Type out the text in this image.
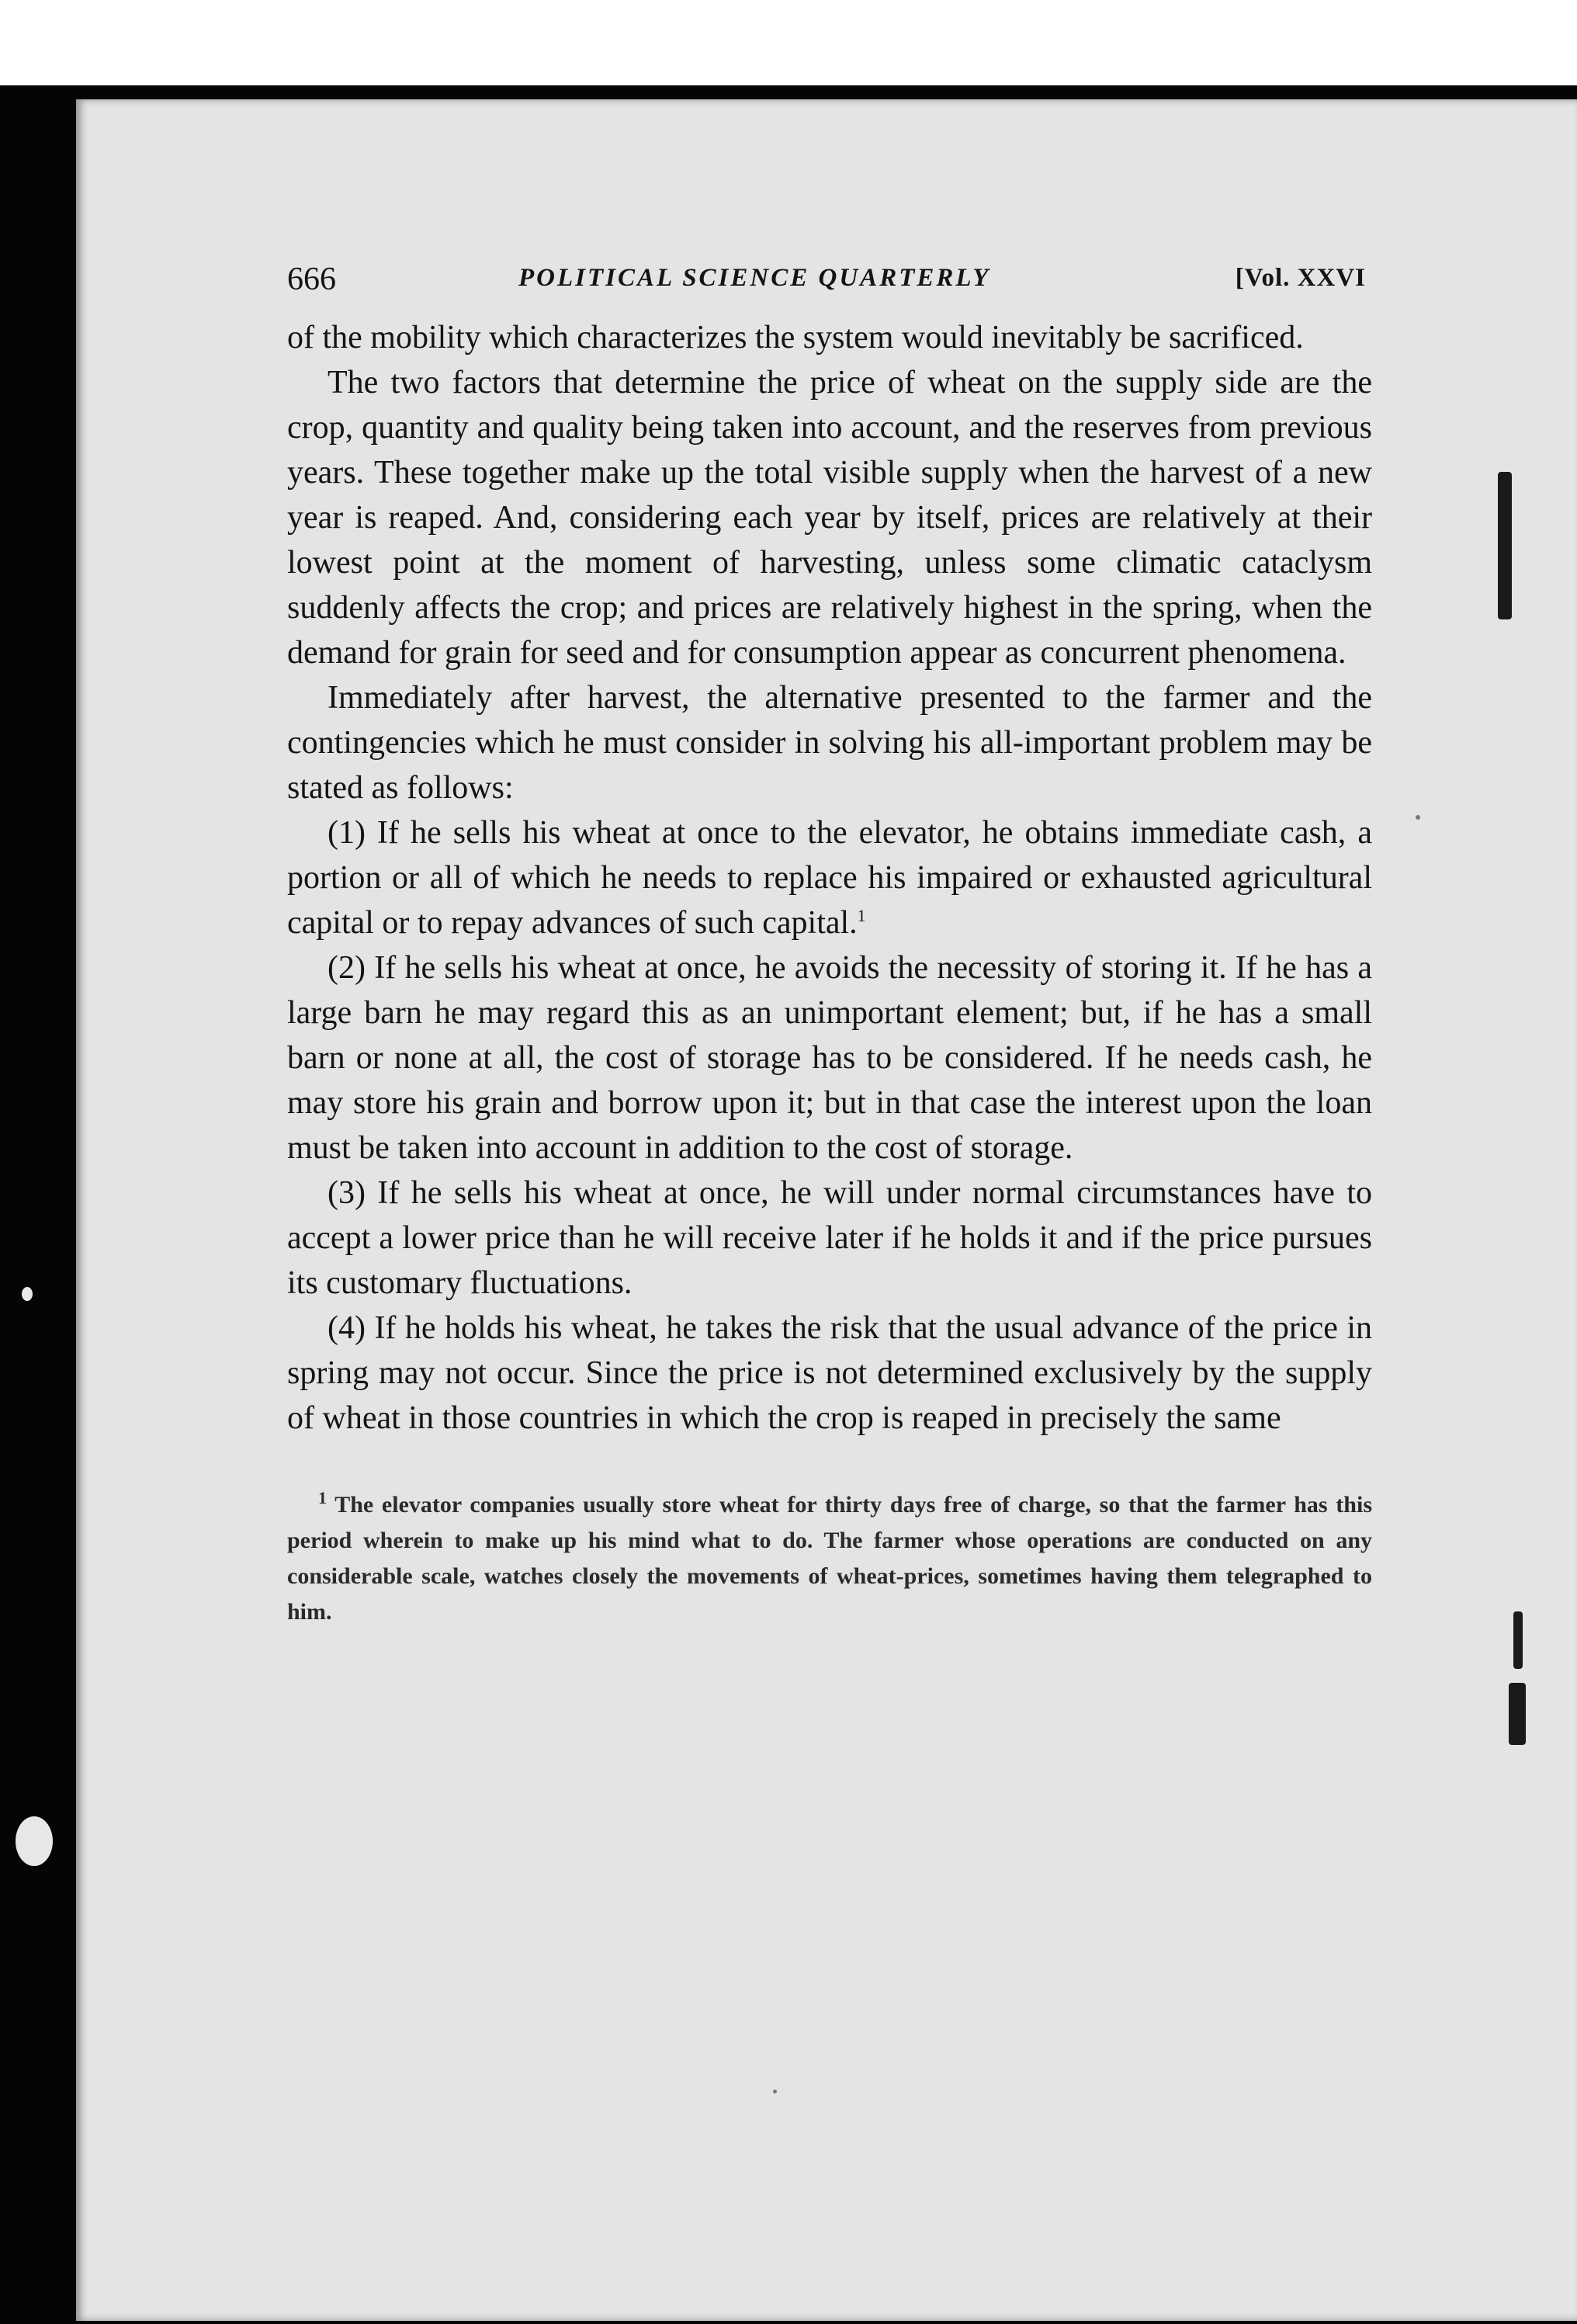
666	POLITICAL SCIENCE QUARTERLY	[Vol. XXVI

of the mobility which characterizes the system would inevitably be sacrificed.

The two factors that determine the price of wheat on the supply side are the crop, quantity and quality being taken into account, and the reserves from previous years. These together make up the total visible supply when the harvest of a new year is reaped. And, considering each year by itself, prices are relatively at their lowest point at the moment of harvesting, unless some climatic cataclysm suddenly affects the crop; and prices are relatively highest in the spring, when the demand for grain for seed and for consumption appear as concurrent phenomena.

Immediately after harvest, the alternative presented to the farmer and the contingencies which he must consider in solving his all-important problem may be stated as follows:

(1) If he sells his wheat at once to the elevator, he obtains immediate cash, a portion or all of which he needs to replace his impaired or exhausted agricultural capital or to repay advances of such capital.$^1$

(2) If he sells his wheat at once, he avoids the necessity of storing it. If he has a large barn he may regard this as an unimportant element; but, if he has a small barn or none at all, the cost of storage has to be considered. If he needs cash, he may store his grain and borrow upon it; but in that case the interest upon the loan must be taken into account in addition to the cost of storage.

(3) If he sells his wheat at once, he will under normal circumstances have to accept a lower price than he will receive later if he holds it and if the price pursues its customary fluctuations.

(4) If he holds his wheat, he takes the risk that the usual advance of the price in spring may not occur. Since the price is not determined exclusively by the supply of wheat in those countries in which the crop is reaped in precisely the same

$^1$ The elevator companies usually store wheat for thirty days free of charge, so that the farmer has this period wherein to make up his mind what to do. The farmer whose operations are conducted on any considerable scale, watches closely the movements of wheat-prices, sometimes having them telegraphed to him.
